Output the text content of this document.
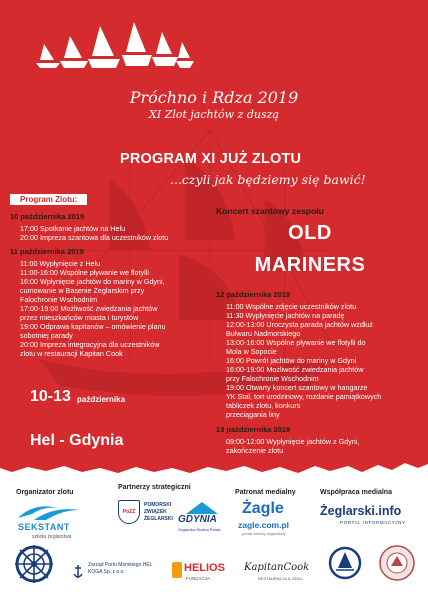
Próchno i Rdza 2019
XI Zlot jachtów z duszą
PROGRAM XI JUŻ ZLOTU
...czyli jak będziemy się bawić!
Program Zlotu:
10 października 2019
17:00 Spotkanie jachtów na Helu
20:00 Impreza szantowa dla uczestników zlotu
11 października 2019
11:00 Wypłynięcie z Helu
11:00-16:00 Wspólne pływanie we flotylli
16:00 Wpłynięcie jachtów do mariny w Gdyni,
cumowanie w Basenie Żeglarskim przy
Falochronie Wschodnim
17:00-19:00 Możliwość zwiedzania jachtów
przez mieszkańców miasta i turystów
19:00 Odprawa kapitanów – omówienie planu
sobotniej parady
20:00 Impreza integracyjna dla uczestników
zlotu w restauracji Kapitan Cook
Koncert szantowy zespołu
OLD
MARINERS
12 października 2019
11:00 Wspólne zdjęcie uczestników zlotu
11:30 Wypłynięcie jachtów na paradę
12:00-13:00 Uroczysta parada jachtów wzdłuż
Bulwaru Nadmorskiego
13:00-16:00 Wspólne pływanie we flotylli do
Mola w Sopocie
16:00 Powrót jachtów do mariny w Gdyni
16:00-19:00 Możliwość zwiedzania jachtów
przy Falochronie Wschodnim
19:00 Otwarty koncert szantowy w hangarze
YK Stal, tort urodzinowy, rozdanie pamiątkowych
tabliczek zlotu, konkurs
przeciągania liny
13 października 2019
09:00-12:00 Wypłynięcie jachtów z Gdyni,
zakończenie zlotu
10-13 października
Hel - Gdynia
Organizator zlotu
Partnerzy strategiczni
Patronat medialny	Współpraca medialna
SEKSTANT
szkoła żeglarstwa
PoZŻ
POMORSKI
ZWIĄZEK
ŻEGLARSKI GDYNIA
Żeglarska Stolica Polski
Żagle
zagle.com.pl
portal wiedzy żeglarskiej
Żeglarski.info
PORTAL INFORMACYJNY
Zarząd Portu Morskiego HEL
KOGA Sp. z o.o.	HELIOS
FUNDACJA
KapitanCook
RESTAURACJA & GRILL
